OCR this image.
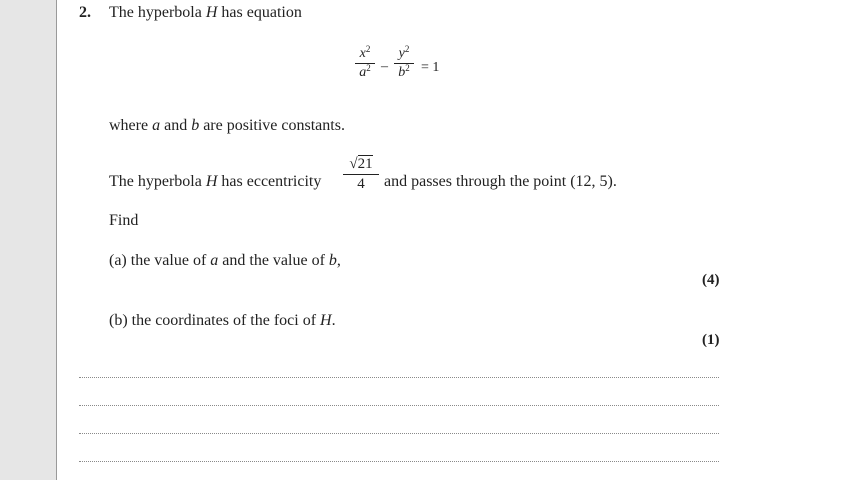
2. The hyperbola H has equation
$x^2$
$a^2$ –
$y^2$
$b^2 = 1$
where a and b are positive constants.
The hyperbola H has eccentricity
√21
4	and passes through the point (12, 5).
Find
(a) the value of a and the value of b,
(4)
(b) the coordinates of the foci of H.
(1)
